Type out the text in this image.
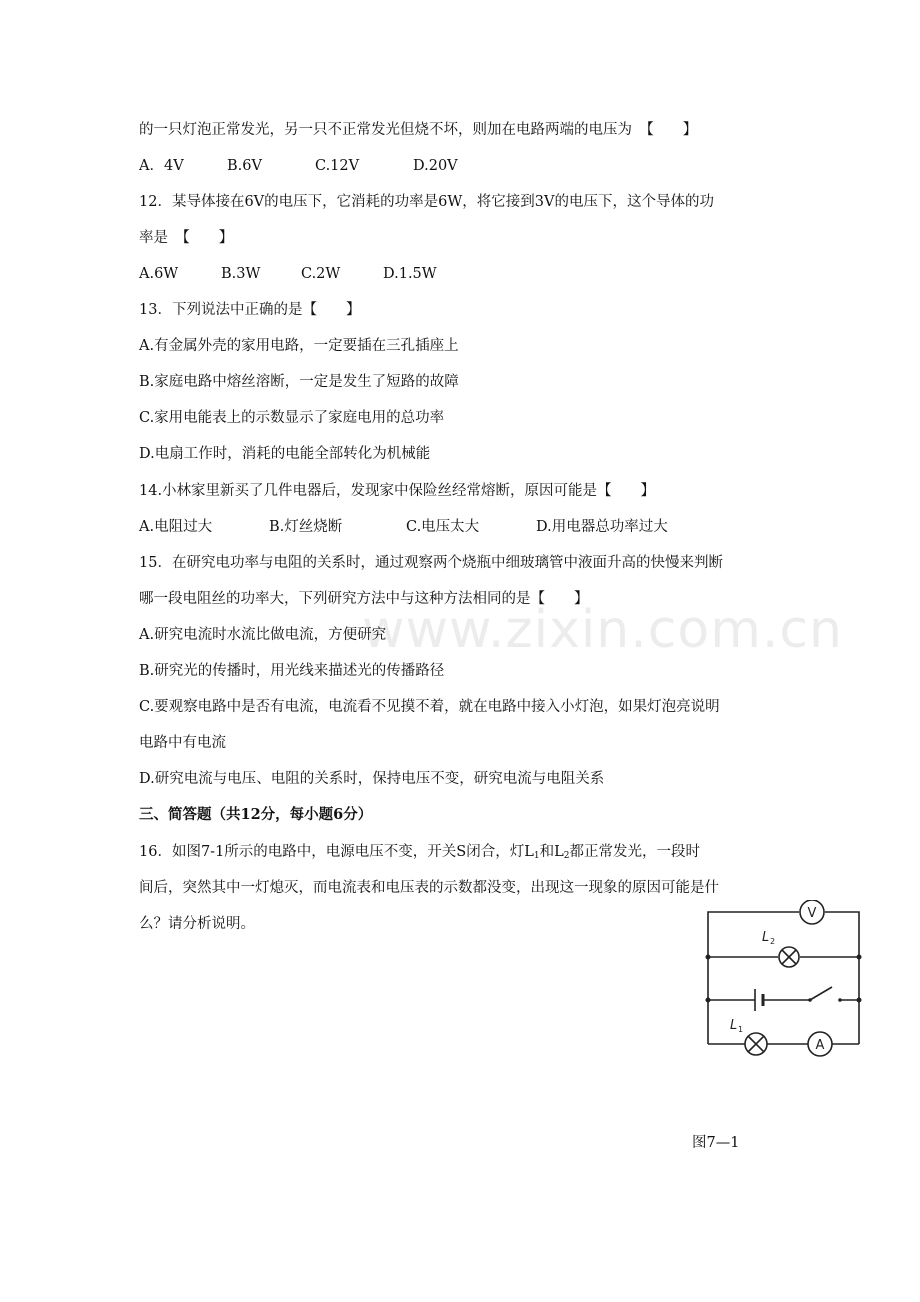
www.zixin.com.cn
的一只灯泡正常发光，另一只不正常发光但烧不坏，则加在电路两端的电压为　【　　】
A．4V	B.6V	C.12V	D.20V
12．某导体接在6V的电压下，它消耗的功率是6W，将它接到3V的电压下，这个导体的功
率是　【　　】
A.6W	B.3W	C.2W	D.1.5W
13．下列说法中正确的是【　　】
A.有金属外壳的家用电路，一定要插在三孔插座上
B.家庭电路中熔丝溶断，一定是发生了短路的故障
C.家用电能表上的示数显示了家庭电用的总功率
D.电扇工作时，消耗的电能全部转化为机械能
14.小林家里新买了几件电器后，发现家中保险丝经常熔断，原因可能是【　　】
A.电阻过大	B.灯丝烧断	C.电压太大	D.用电器总功率过大
15．在研究电功率与电阻的关系时，通过观察两个烧瓶中细玻璃管中液面升高的快慢来判断
哪一段电阻丝的功率大，下列研究方法中与这种方法相同的是【　　】
A.研究电流时水流比做电流，方便研究
B.研究光的传播时，用光线来描述光的传播路径
C.要观察电路中是否有电流，电流看不见摸不着，就在电路中接入小灯泡，如果灯泡亮说明
电路中有电流
D.研究电流与电压、电阻的关系时，保持电压不变，研究电流与电阻关系
三、简答题（共12分，每小题6分）
16．如图7-1所示的电路中，电源电压不变，开关S闭合，灯$L_1$和$L_2$都正常发光，一段时
间后，突然其中一灯熄灭，而电流表和电压表的示数都没变，出现这一现象的原因可能是什
么？请分析说明。
V
A
L 2
L 1
图7—1
